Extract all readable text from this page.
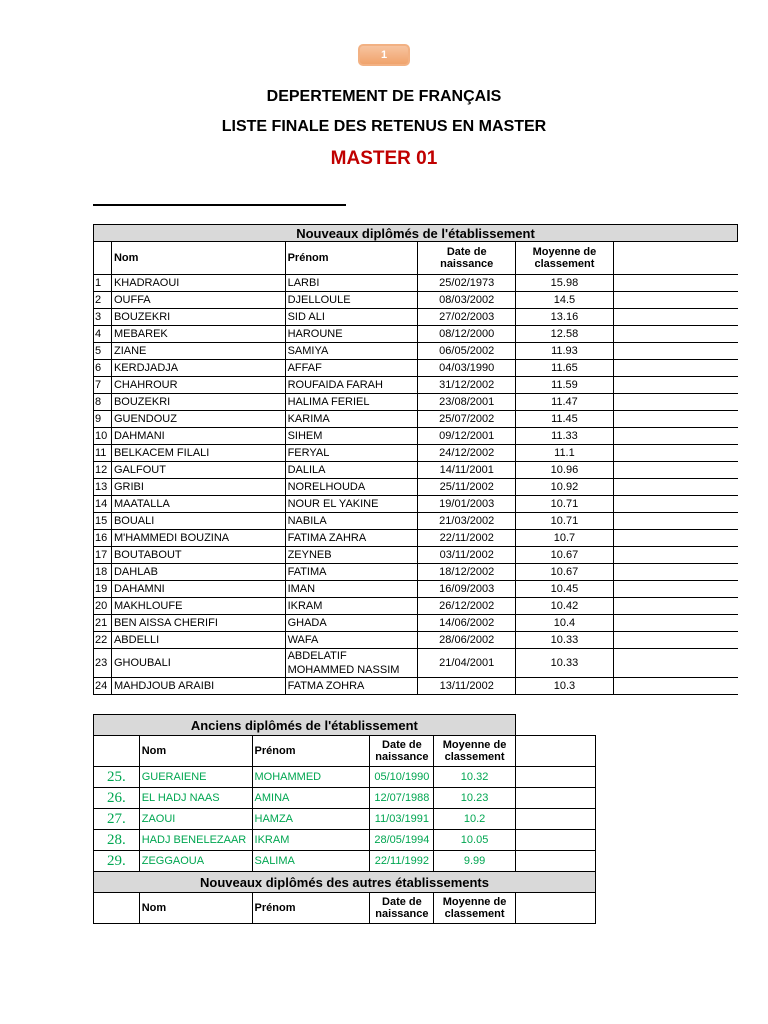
1
DEPERTEMENT DE FRANÇAIS
LISTE FINALE DES RETENUS EN MASTER
MASTER 01
Nouveaux diplômés de l'établissement					
	Nom	Prénom	Date de naissance	Moyenne de classement	
1	KHADRAOUI	LARBI	25/02/1973	15.98	
2	OUFFA	DJELLOULE	08/03/2002	14.5	
3	BOUZEKRI	SID ALI	27/02/2003	13.16	
4	MEBAREK	HAROUNE	08/12/2000	12.58	
5	ZIANE	SAMIYA	06/05/2002	11.93	
6	KERDJADJA	AFFAF	04/03/1990	11.65	
7	CHAHROUR	ROUFAIDA FARAH	31/12/2002	11.59	
8	BOUZEKRI	HALIMA FERIEL	23/08/2001	11.47	
9	GUENDOUZ	KARIMA	25/07/2002	11.45	
10	DAHMANI	SIHEM	09/12/2001	11.33	
11	BELKACEM FILALI	FERYAL	24/12/2002	11.1	
12	GALFOUT	DALILA	14/11/2001	10.96	
13	GRIBI	NORELHOUDA	25/11/2002	10.92	
14	MAATALLA	NOUR EL YAKINE	19/01/2003	10.71	
15	BOUALI	NABILA	21/03/2002	10.71	
16	M'HAMMEDI BOUZINA	FATIMA ZAHRA	22/11/2002	10.7	
17	BOUTABOUT	ZEYNEB	03/11/2002	10.67	
18	DAHLAB	FATIMA	18/12/2002	10.67	
19	DAHAMNI	IMAN	16/09/2003	10.45	
20	MAKHLOUFE	IKRAM	26/12/2002	10.42	
21	BEN AISSA CHERIFI	GHADA	14/06/2002	10.4	
22	ABDELLI	WAFA	28/06/2002	10.33	
23	GHOUBALI	ABDELATIF MOHAMMED NASSIM	21/04/2001	10.33	
24	MAHDJOUB ARAIBI	FATMA ZOHRA	13/11/2002	10.3	
Anciens diplômés de l'établissement					
	Nom	Prénom	Date de naissance	Moyenne de classement	
25.	GUERAIENE	MOHAMMED	05/10/1990	10.32	
26.	EL HADJ NAAS	AMINA	12/07/1988	10.23	
27.	ZAOUI	HAMZA	11/03/1991	10.2	
28.	HADJ BENELEZAAR	IKRAM	28/05/1994	10.05	
29.	ZEGGAOUA	SALIMA	22/11/1992	9.99	
Nouveaux diplômés des autres établissements					
	Nom	Prénom	Date de naissance	Moyenne de classement	
